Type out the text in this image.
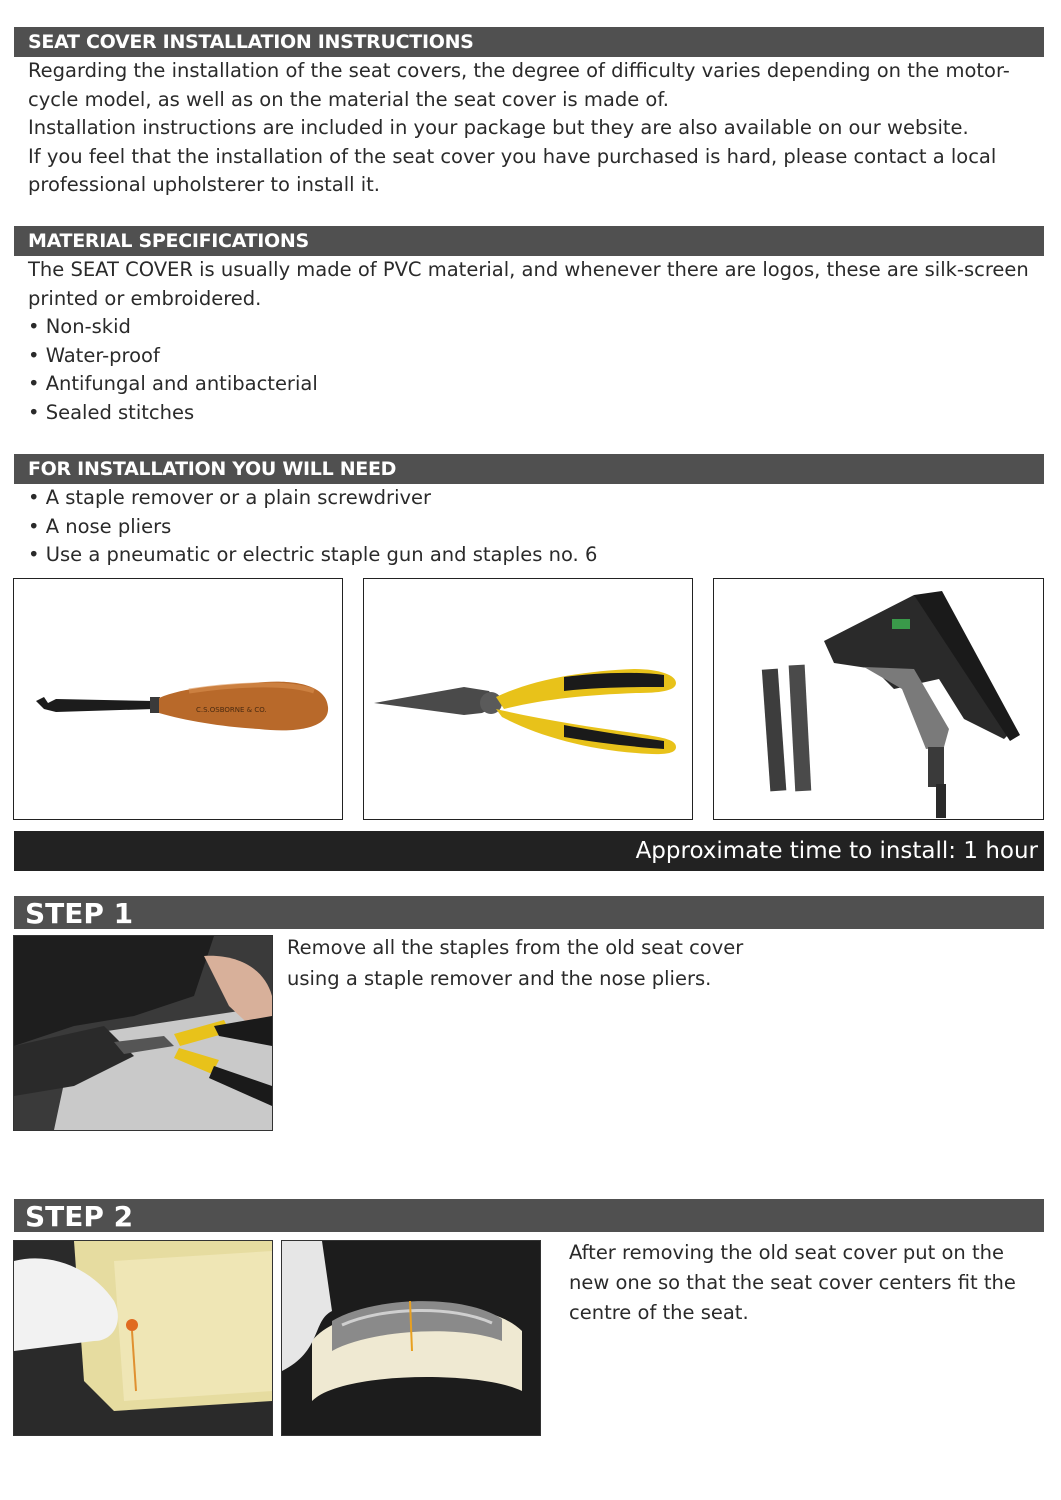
SEAT COVER INSTALLATION INSTRUCTIONS

Regarding the installation of the seat covers, the degree of difficulty varies depending on the motor-

cycle model, as well as on the material the seat cover is made of.

Installation instructions are included in your package but they are also available on our website.

If you feel that the installation of the seat cover you have purchased is hard, please contact a local

professional upholsterer to install it.

MATERIAL SPECIFICATIONS

The SEAT COVER is usually made of PVC material, and whenever there are logos, these are silk-screen

printed or embroidered.

• Non-skid

• Water-proof

• Antifungal and antibacterial

• Sealed stitches

FOR INSTALLATION YOU WILL NEED

• A staple remover or a plain screwdriver

• A nose pliers

• Use a pneumatic or electric staple gun and staples no. 6

C.S.OSBORNE & CO.
Approximate time to install: 1 hour
STEP 1

Remove all the staples from the old seat cover

using a staple remover and the nose pliers.

STEP 2

After removing the old seat cover put on the

new one so that the seat cover centers fit the

centre of the seat.
